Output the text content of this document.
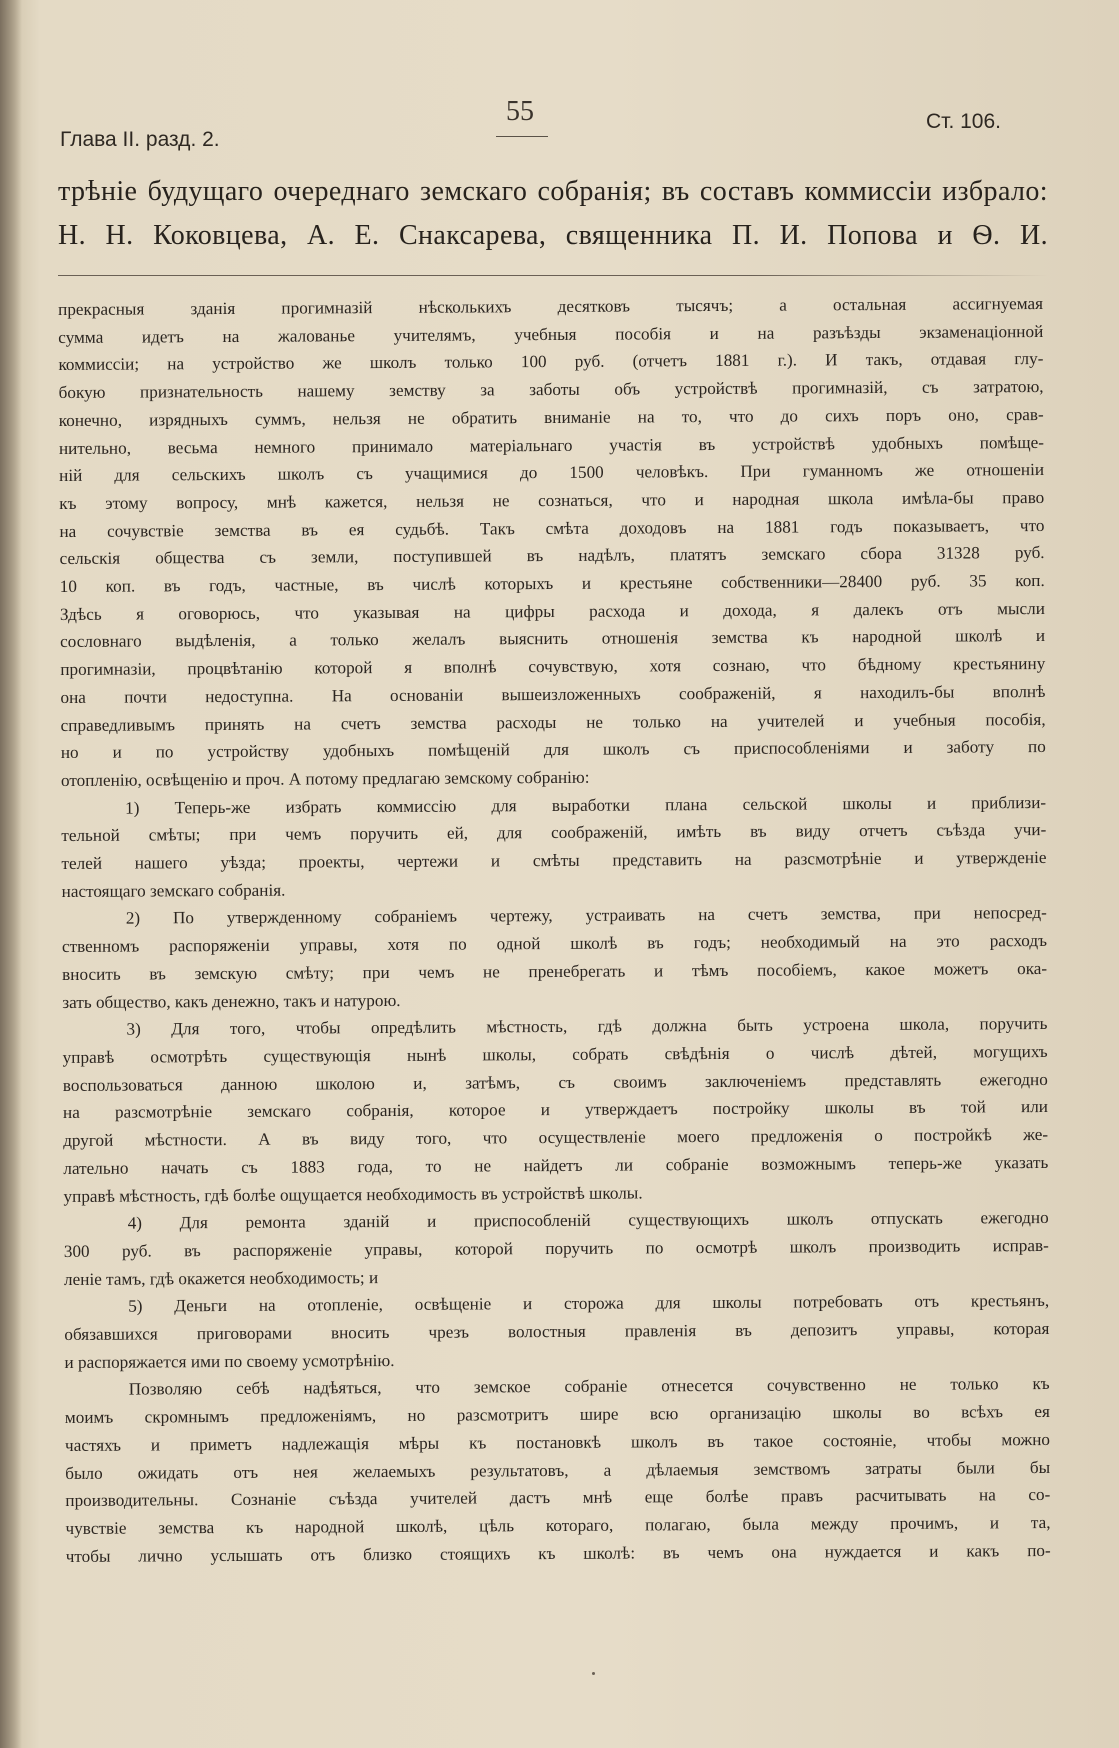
55	Ст. 106.
Глава II. разд. 2.
трѣніе будущаго очереднаго земскаго собранія; въ составъ коммиссіи избрало:
Н. Н. Коковцева, А. Е. Снаксарева, священника П. И. Попова и Ѳ. И.
прекрасныя зданія прогимназій нѣсколькихъ десятковъ тысячъ; а остальная ассигнуемая
сумма идетъ на жалованье учителямъ, учебныя пособія и на разъѣзды экзаменаціонной
коммиссіи; на устройство же школъ только 100 руб. (отчетъ 1881 г.). И такъ, отдавая глу-
бокую признательность нашему земству за заботы объ устройствѣ прогимназій, съ затратою,
конечно, изрядныхъ суммъ, нельзя не обратить вниманіе на то, что до сихъ поръ оно, срав-
нительно, весьма немного принимало матеріальнаго участія въ устройствѣ удобныхъ помѣще-
ній для сельскихъ школъ съ учащимися до 1500 человѣкъ. При гуманномъ же отношеніи
къ этому вопросу, мнѣ кажется, нельзя не сознаться, что и народная школа имѣла-бы право
на сочувствіе земства въ ея судьбѣ. Такъ смѣта доходовъ на 1881 годъ показываетъ, что
сельскія общества съ земли, поступившей въ надѣлъ, платятъ земскаго сбора 31328 руб.
10 коп. въ годъ, частные, въ числѣ которыхъ и крестьяне собственники—28400 руб. 35 коп.
Здѣсь я оговорюсь, что указывая на цифры расхода и дохода, я далекъ отъ мысли
сословнаго выдѣленія, а только желалъ выяснить отношенія земства къ народной школѣ и
прогимназіи, процвѣтанію которой я вполнѣ сочувствую, хотя сознаю, что бѣдному крестьянину
она почти недоступна. На основаніи вышеизложенныхъ соображеній, я находилъ-бы вполнѣ
справедливымъ принять на счетъ земства расходы не только на учителей и учебныя пособія,
но и по устройству удобныхъ помѣщеній для школъ съ приспособленіями и заботу по
отопленію, освѣщенію и проч. А потому предлагаю земскому собранію:
1) Теперь-же избрать коммиссію для выработки плана сельской школы и приблизи-
тельной смѣты; при чемъ поручить ей, для соображеній, имѣть въ виду отчетъ съѣзда учи-
телей нашего уѣзда; проекты, чертежи и смѣты представить на разсмотрѣніе и утвержденіе
настоящаго земскаго собранія.
2) По утвержденному собраніемъ чертежу, устраивать на счетъ земства, при непосред-
ственномъ распоряженіи управы, хотя по одной школѣ въ годъ; необходимый на это расходъ
вносить въ земскую смѣту; при чемъ не пренебрегать и тѣмъ пособіемъ, какое можетъ ока-
зать общество, какъ денежно, такъ и натурою.
3) Для того, чтобы опредѣлить мѣстность, гдѣ должна быть устроена школа, поручить
управѣ осмотрѣть существующія нынѣ школы, собрать свѣдѣнія о числѣ дѣтей, могущихъ
воспользоваться данною школою и, затѣмъ, съ своимъ заключеніемъ представлять ежегодно
на разсмотрѣніе земскаго собранія, которое и утверждаетъ постройку школы въ той или
другой мѣстности. А въ виду того, что осуществленіе моего предложенія о постройкѣ же-
лательно начать съ 1883 года, то не найдетъ ли собраніе возможнымъ теперь-же указать
управѣ мѣстность, гдѣ болѣе ощущается необходимость въ устройствѣ школы.
4) Для ремонта зданій и приспособленій существующихъ школъ отпускать ежегодно
300 руб. въ распоряженіе управы, которой поручить по осмотрѣ школъ производить исправ-
леніе тамъ, гдѣ окажется необходимость; и
5) Деньги на отопленіе, освѣщеніе и сторожа для школы потребовать отъ крестьянъ,
обязавшихся приговорами вносить чрезъ волостныя правленія въ депозитъ управы, которая
и распоряжается ими по своему усмотрѣнію.
Позволяю себѣ надѣяться, что земское собраніе отнесется сочувственно не только къ
моимъ скромнымъ предложеніямъ, но разсмотритъ шире всю организацію школы во всѣхъ ея
частяхъ и приметъ надлежащія мѣры къ постановкѣ школъ въ такое состояніе, чтобы можно
было ожидать отъ нея желаемыхъ результатовъ, а дѣлаемыя земствомъ затраты были бы
производительны. Сознаніе съѣзда учителей дастъ мнѣ еще болѣе правъ расчитывать на со-
чувствіе земства къ народной школѣ, цѣль котораго, полагаю, была между прочимъ, и та,
чтобы лично услышать отъ близко стоящихъ къ школѣ: въ чемъ она нуждается и какъ по-
